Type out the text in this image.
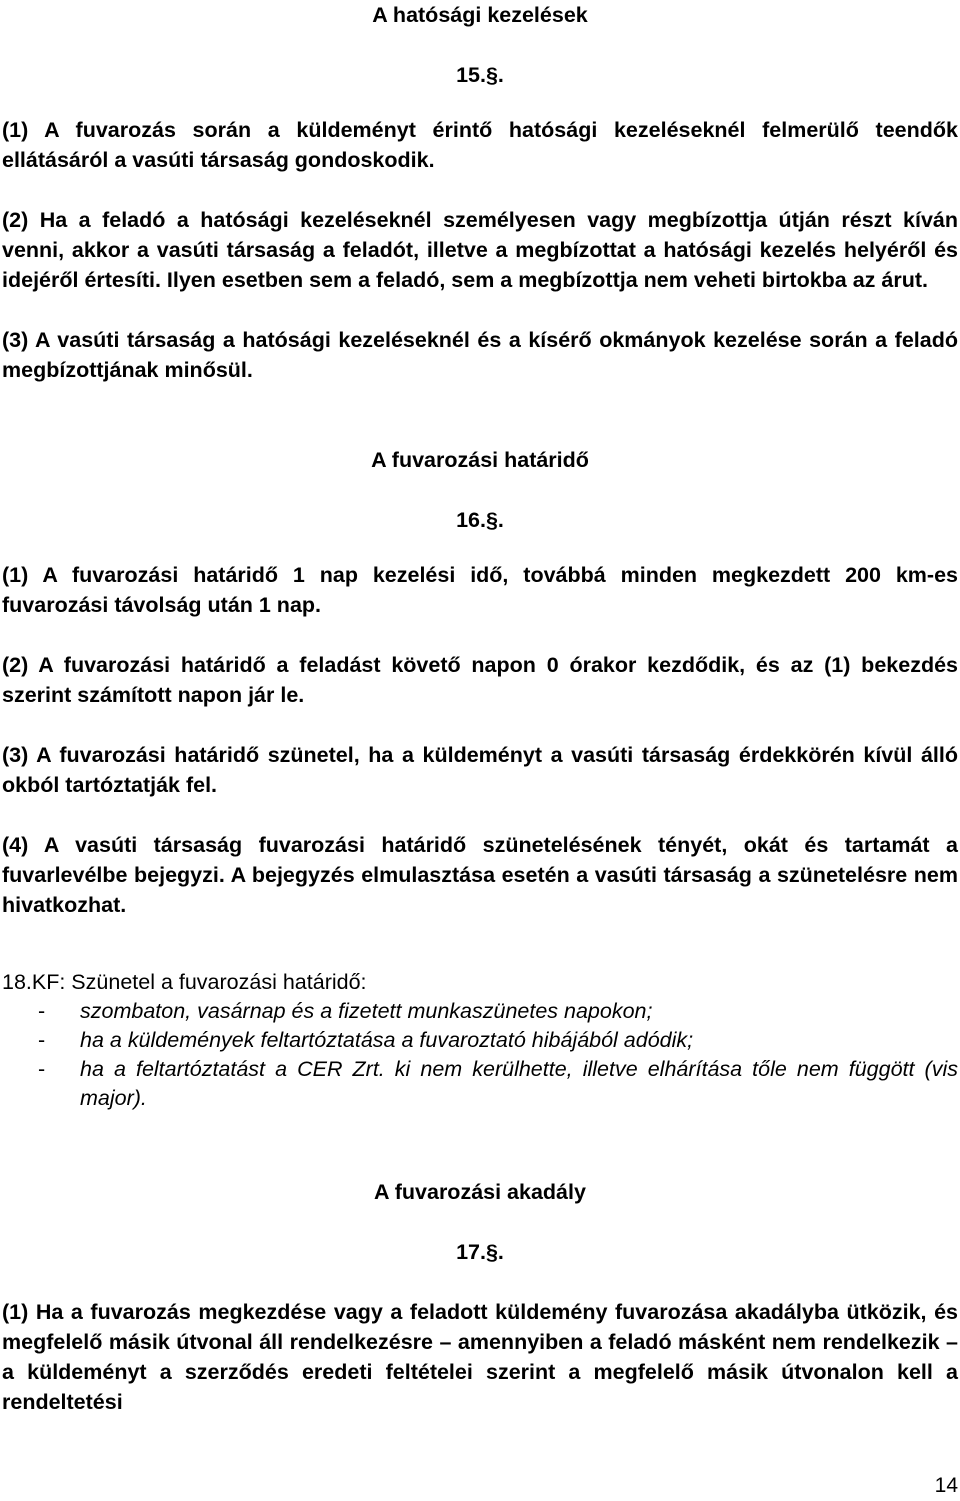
A hatósági kezelések
15.§.

(1) A fuvarozás során a küldeményt érintő hatósági kezeléseknél felmerülő teendők ellátásáról a vasúti társaság gondoskodik.

(2) Ha a feladó a hatósági kezeléseknél személyesen vagy megbízottja útján részt kíván venni, akkor a vasúti társaság a feladót, illetve a megbízottat a hatósági kezelés helyéről és idejéről értesíti. Ilyen esetben sem a feladó, sem a megbízottja nem veheti birtokba az árut.

(3) A vasúti társaság a hatósági kezeléseknél és a kísérő okmányok kezelése során a feladó megbízottjának minősül.

A fuvarozási határidő
16.§.

(1) A fuvarozási határidő 1 nap kezelési idő, továbbá minden megkezdett 200 km-es fuvarozási távolság után 1 nap.

(2) A fuvarozási határidő a feladást követő napon 0 órakor kezdődik, és az (1) bekezdés szerint számított napon jár le.

(3) A fuvarozási határidő szünetel, ha a küldeményt a vasúti társaság érdekkörén kívül álló okból tartóztatják fel.

(4) A vasúti társaság fuvarozási határidő szünetelésének tényét, okát és tartamát a fuvarlevélbe bejegyzi. A bejegyzés elmulasztása esetén a vasúti társaság a szünetelésre nem hivatkozhat.

18.KF: Szünetel a fuvarozási határidő:

- szombaton, vasárnap és a fizetett munkaszünetes napokon;
- ha a küldemények feltartóztatása a fuvaroztató hibájából adódik;
- ha a feltartóztatást a CER Zrt. ki nem kerülhette, illetve elhárítása tőle nem függött (vis major).
A fuvarozási akadály
17.§.

(1) Ha a fuvarozás megkezdése vagy a feladott küldemény fuvarozása akadályba ütközik, és megfelelő másik útvonal áll rendelkezésre – amennyiben a feladó másként nem rendelkezik – a küldeményt a szerződés eredeti feltételei szerint a megfelelő másik útvonalon kell a rendeltetési

14
